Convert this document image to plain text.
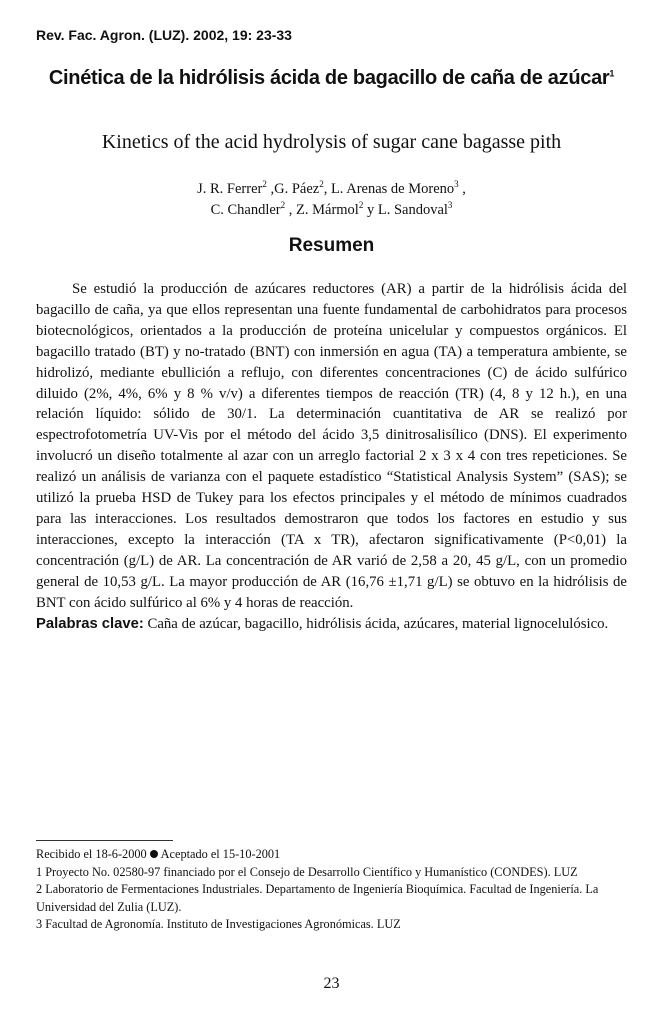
Rev. Fac. Agron. (LUZ). 2002, 19: 23-33
Cinética de la hidrólisis ácida de bagacillo de caña de azúcar$^1$
Kinetics of the acid hydrolysis of sugar cane bagasse pith
J. R. Ferrer$^2$ ,G. Páez$^2$, L. Arenas de Moreno$^3$ ,
C. Chandler$^2$ , Z. Mármol$^2$ y L. Sandoval$^3$
Resumen

Se estudió la producción de azúcares reductores (AR) a partir de la hidrólisis ácida del bagacillo de caña, ya que ellos representan una fuente fundamental de carbohidratos para procesos biotecnológicos, orientados a la producción de proteína unicelular y compuestos orgánicos. El bagacillo tratado (BT) y no-tratado (BNT) con inmersión en agua (TA) a temperatura ambiente, se hidrolizó, mediante ebullición a reflujo, con diferentes concentraciones (C) de ácido sulfúrico diluido (2%, 4%, 6% y 8 % v/v) a diferentes tiempos de reacción (TR) (4, 8 y 12 h.), en una relación líquido: sólido de 30/1. La determinación cuantitativa de AR se realizó por espectrofotometría UV-Vis por el método del ácido 3,5 dinitrosalisílico (DNS). El experimento involucró un diseño totalmente al azar con un arreglo factorial 2 x 3 x 4 con tres repeticiones. Se realizó un análisis de varianza con el paquete estadístico “Statistical Analysis System” (SAS); se utilizó la prueba HSD de Tukey para los efectos principales y el método de mínimos cuadrados para las interacciones. Los resultados demostraron que todos los factores en estudio y sus interacciones, excepto la interacción (TA x TR), afectaron significativamente (P<0,01) la concentración (g/L) de AR. La concentración de AR varió de 2,58 a 20, 45 g/L, con un promedio general de 10,53 g/L. La mayor producción de AR (16,76 ±1,71 g/L) se obtuvo en la hidrólisis de BNT con ácido sulfúrico al 6% y 4 horas de reacción.

Palabras clave: Caña de azúcar, bagacillo, hidrólisis ácida, azúcares, material lignocelulósico.

Recibido el 18-6-2000 Aceptado el 15-10-2001

1 Proyecto No. 02580-97 financiado por el Consejo de Desarrollo Científico y Humanístico (CONDES). LUZ

2 Laboratorio de Fermentaciones Industriales. Departamento de Ingeniería Bioquímica. Facultad de Ingeniería. La Universidad del Zulia (LUZ).

3 Facultad de Agronomía. Instituto de Investigaciones Agronómicas. LUZ

23
